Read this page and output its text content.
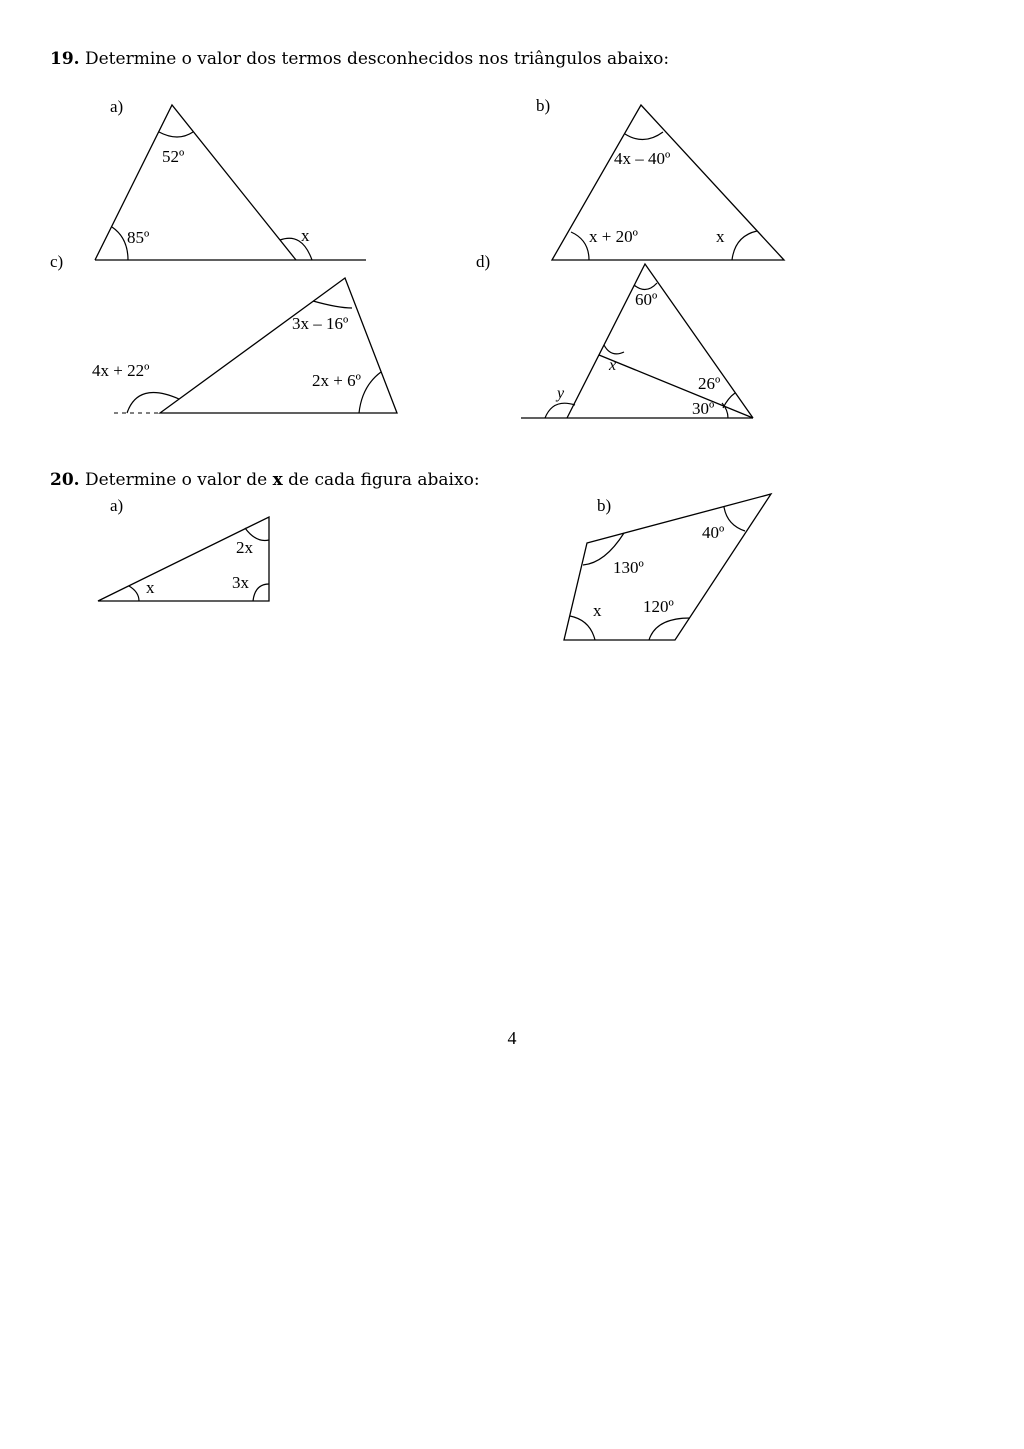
19. Determine o valor dos termos desconhecidos nos triângulos abaixo:
20. Determine o valor de x de cada figura abaixo:
a)
52º
85º	x
b)
4x – 40º
x + 20º	x
c)
3x – 16º
2x + 6º
4x + 22º
d)
60º
x
y
26º
30º
a)
x
2x
3x
b)
40º
130º
x 120º
4
